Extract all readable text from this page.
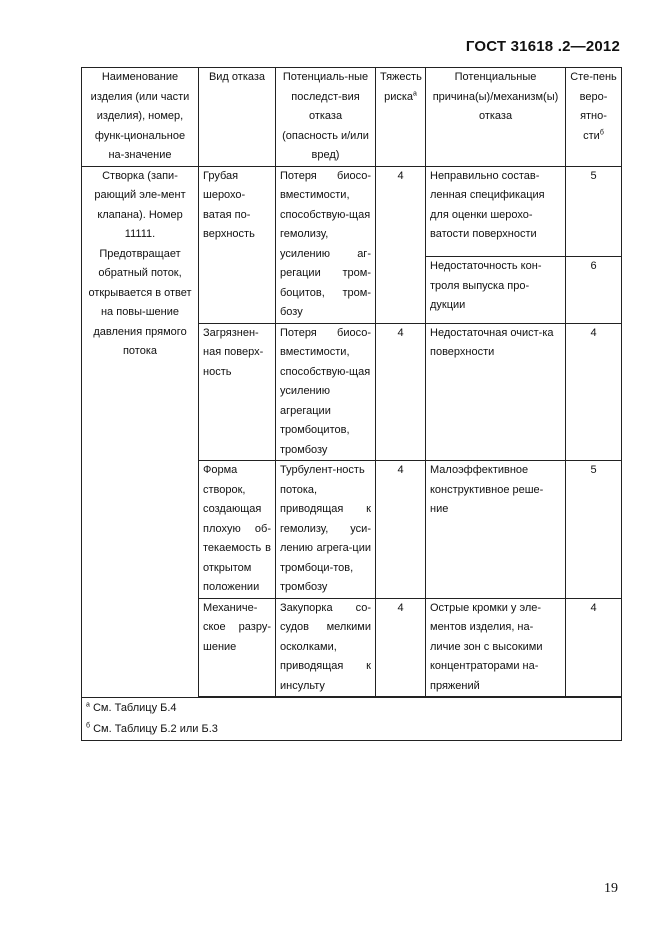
ГОСТ 31618 .2—2012
Наименование изделия (или части изделия), номер, функ-циональное на-значение	Вид отказа	Потенциаль-ные последст-вия отказа (опасность и/или вред)	Тяжесть риска$^a$	Потенциальные причина(ы)/механизм(ы) отказа	Сте-пень веро-ятно-сти$^б$
Створка (запи-рающий эле-мент клапана). Номер 11111. Предотвращает обратный поток, открывается в ответ на повы-шение давления прямого потока	Грубая шерохо-ватая по-верхность	Потеря биосо-вместимости, способствую-щая гемолизу, усилению аг-регации тром-боцитов, тром-бозу	4	Неправильно состав-ленная спецификация для оценки шерохо-ватости поверхности	5
				Недостаточность кон-троля выпуска про-дукции	6
	Загрязнен-ная поверх-ность	Потеря биосо-вместимости, способствую-щая усилению агрегации тромбоцитов, тромбозу	4	Недостаточная очист-ка поверхности	4
	Форма створок, создающая плохую об-текаемость в открытом положении	Турбулент-ность потока, приводящая к гемолизу, уси-лению агрега-ции тромбоци-тов, тромбозу	4	Малоэффективное конструктивное реше-ние	5
	Механиче-ское разру-шение	Закупорка со-судов мелкими осколками, приводящая к инсульту	4	Острые кромки у эле-ментов изделия, на-личие зон с высокими концентраторами на-пряжений	4

$^а$ См. Таблицу Б.4
$^б$ См. Таблицу Б.2 или Б.3					
19
